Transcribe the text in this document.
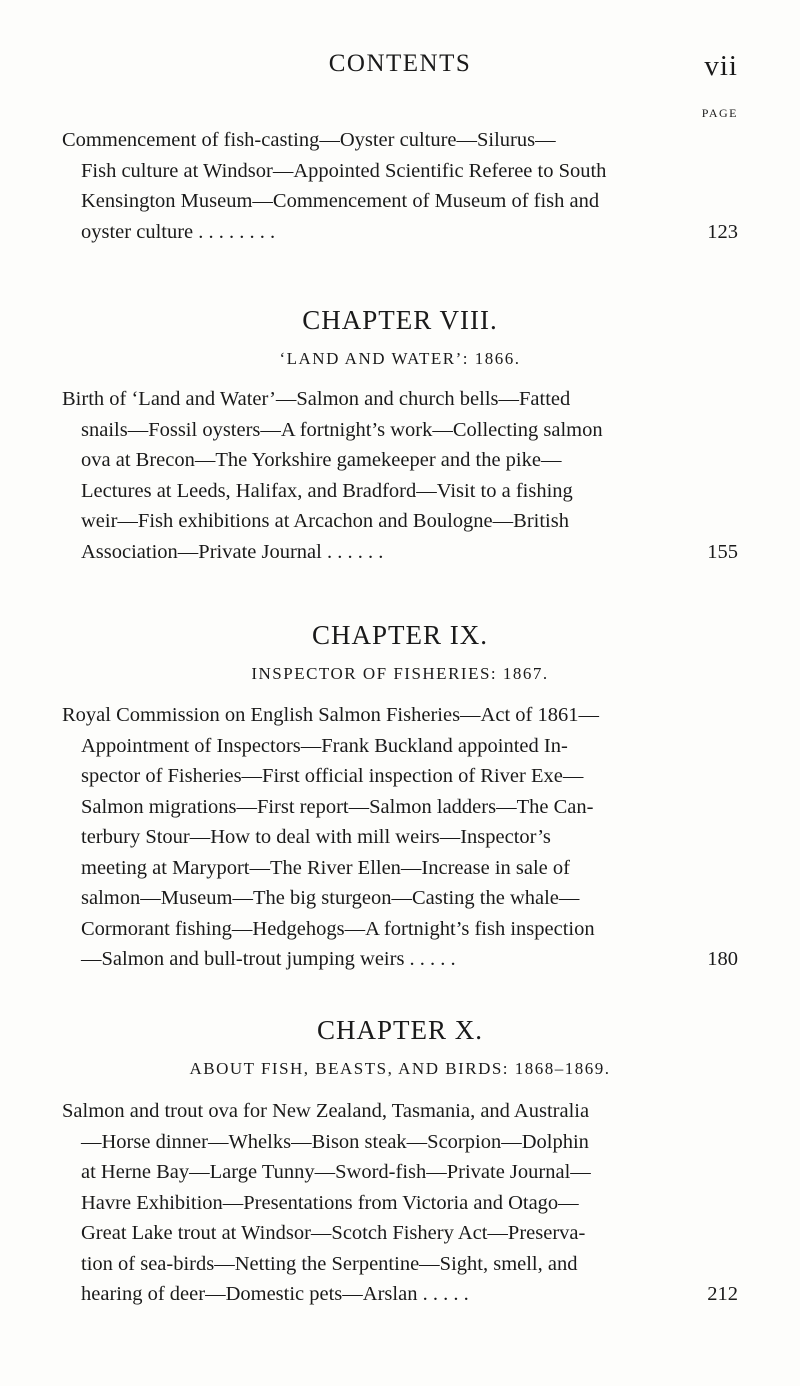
CONTENTS	vii
PAGE
Commencement of fish-casting—Oyster culture—Silurus—
Fish culture at Windsor—Appointed Scientific Referee to South
Kensington Museum—Commencement of Museum of fish and
oyster culture . . . . . . . .	123
CHAPTER VIII.
‘LAND AND WATER’: 1866.
Birth of ‘Land and Water’—Salmon and church bells—Fatted
snails—Fossil oysters—A fortnight’s work—Collecting salmon
ova at Brecon—The Yorkshire gamekeeper and the pike—
Lectures at Leeds, Halifax, and Bradford—Visit to a fishing
weir—Fish exhibitions at Arcachon and Boulogne—British
Association—Private Journal . . . . . .	155
CHAPTER IX.
INSPECTOR OF FISHERIES: 1867.
Royal Commission on English Salmon Fisheries—Act of 1861—
Appointment of Inspectors—Frank Buckland appointed In-
spector of Fisheries—First official inspection of River Exe—
Salmon migrations—First report—Salmon ladders—The Can-
terbury Stour—How to deal with mill weirs—Inspector’s
meeting at Maryport—The River Ellen—Increase in sale of
salmon—Museum—The big sturgeon—Casting the whale—
Cormorant fishing—Hedgehogs—A fortnight’s fish inspection
—Salmon and bull-trout jumping weirs . . . . .	180
CHAPTER X.
ABOUT FISH, BEASTS, AND BIRDS: 1868–1869.
Salmon and trout ova for New Zealand, Tasmania, and Australia
—Horse dinner—Whelks—Bison steak—Scorpion—Dolphin
at Herne Bay—Large Tunny—Sword-fish—Private Journal—
Havre Exhibition—Presentations from Victoria and Otago—
Great Lake trout at Windsor—Scotch Fishery Act—Preserva-
tion of sea-birds—Netting the Serpentine—Sight, smell, and
hearing of deer—Domestic pets—Arslan . . . . .	212
